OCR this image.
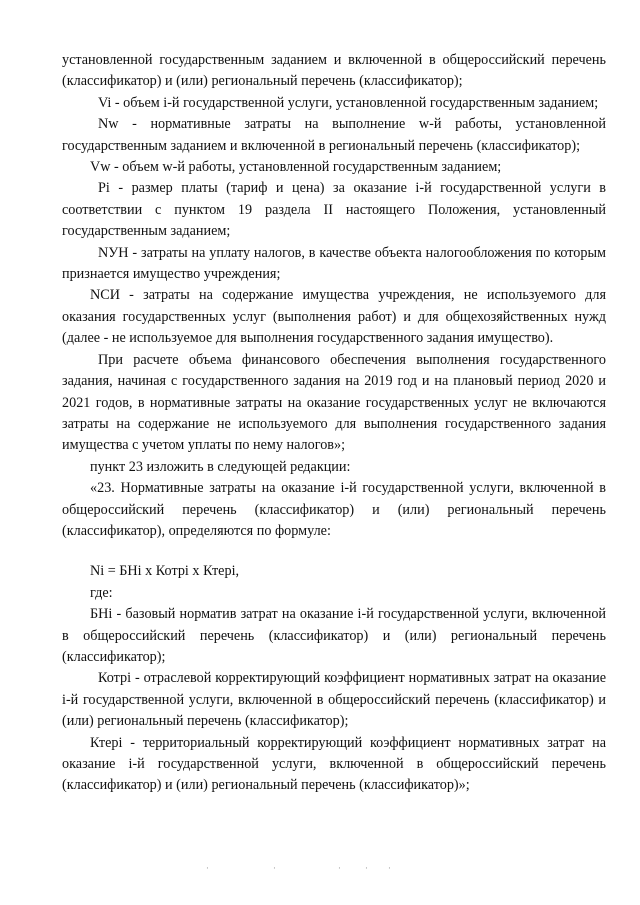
установленной государственным заданием и включенной в общероссийский перечень (классификатор) и (или) региональный перечень (классификатор);

Vi - объем i-й государственной услуги, установленной государственным заданием;

Nw - нормативные затраты на выполнение w-й работы, установленной государственным заданием и включенной в региональный перечень (классификатор);

Vw - объем w-й работы, установленной государственным заданием;

Pi - размер платы (тариф и цена) за оказание i-й государственной услуги в соответствии с пунктом 19 раздела II настоящего Положения, установленный государственным заданием;

NУН - затраты на уплату налогов, в качестве объекта налогообложения по которым признается имущество учреждения;

NСИ - затраты на содержание имущества учреждения, не используемого для оказания государственных услуг (выполнения работ) и для общехозяйственных нужд (далее - не используемое для выполнения государственного задания имущество).

При расчете объема финансового обеспечения выполнения государственного задания, начиная с государственного задания на 2019 год и на плановый период 2020 и 2021 годов, в нормативные затраты на оказание государственных услуг не включаются затраты на содержание не используемого для выполнения государственного задания имущества с учетом уплаты по нему налогов»;

пункт 23 изложить в следующей редакции:

«23. Нормативные затраты на оказание i-й государственной услуги, включенной в общероссийский перечень (классификатор) и (или) региональный перечень (классификатор), определяются по формуле:

Ni = БНi х Котрi х Ктерi,

где:

БНi - базовый норматив затрат на оказание i-й государственной услуги, включенной в общероссийский перечень (классификатор) и (или) региональный перечень (классификатор);

Котрi - отраслевой корректирующий коэффициент нормативных затрат на оказание i-й государственной услуги, включенной в общероссийский перечень (классификатор) и (или) региональный перечень (классификатор);

Ктерi - территориальный корректирующий коэффициент нормативных затрат на оказание i-й государственной услуги, включенной в общероссийский перечень (классификатор) и (или) региональный перечень (классификатор)»;

·	·	·	· ·
